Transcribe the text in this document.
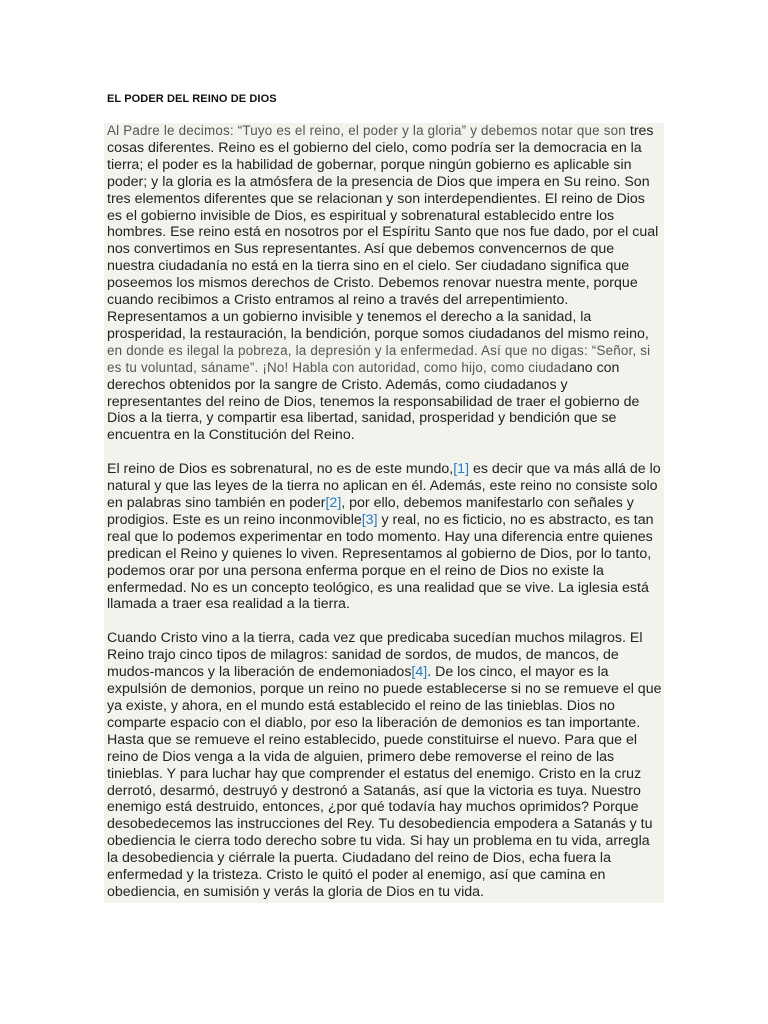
EL PODER DEL REINO DE DIOS

Al Padre le decimos: “Tuyo es el reino, el poder y la gloria” y debemos notar que son tres cosas diferentes. Reino es el gobierno del cielo, como podría ser la democracia en la tierra; el poder es la habilidad de gobernar, porque ningún gobierno es aplicable sin poder; y la gloria es la atmósfera de la presencia de Dios que impera en Su reino. Son tres elementos diferentes que se relacionan y son interdependientes. El reino de Dios es el gobierno invisible de Dios, es espiritual y sobrenatural establecido entre los hombres. Ese reino está en nosotros por el Espíritu Santo que nos fue dado, por el cual nos convertimos en Sus representantes. Así que debemos convencernos de que nuestra ciudadanía no está en la tierra sino en el cielo. Ser ciudadano significa que poseemos los mismos derechos de Cristo. Debemos renovar nuestra mente, porque cuando recibimos a Cristo entramos al reino a través del arrepentimiento. Representamos a un gobierno invisible y tenemos el derecho a la sanidad, la prosperidad, la restauración, la bendición, porque somos ciudadanos del mismo reino, en donde es ilegal la pobreza, la depresión y la enfermedad. Así que no digas: “Señor, si es tu voluntad, sáname”. ¡No! Habla con autoridad, como hijo, como ciudadano con derechos obtenidos por la sangre de Cristo. Además, como ciudadanos y representantes del reino de Dios, tenemos la responsabilidad de traer el gobierno de Dios a la tierra, y compartir esa libertad, sanidad, prosperidad y bendición que se encuentra en la Constitución del Reino.

El reino de Dios es sobrenatural, no es de este mundo,[1] es decir que va más allá de lo natural y que las leyes de la tierra no aplican en él. Además, este reino no consiste solo en palabras sino también en poder[2], por ello, debemos manifestarlo con señales y prodigios. Este es un reino inconmovible[3] y real, no es ficticio, no es abstracto, es tan real que lo podemos experimentar en todo momento. Hay una diferencia entre quienes predican el Reino y quienes lo viven. Representamos al gobierno de Dios, por lo tanto, podemos orar por una persona enferma porque en el reino de Dios no existe la enfermedad. No es un concepto teológico, es una realidad que se vive. La iglesia está llamada a traer esa realidad a la tierra.

Cuando Cristo vino a la tierra, cada vez que predicaba sucedían muchos milagros. El Reino trajo cinco tipos de milagros: sanidad de sordos, de mudos, de mancos, de mudos-mancos y la liberación de endemoniados[4]. De los cinco, el mayor es la expulsión de demonios, porque un reino no puede establecerse si no se remueve el que ya existe, y ahora, en el mundo está establecido el reino de las tinieblas. Dios no comparte espacio con el diablo, por eso la liberación de demonios es tan importante. Hasta que se remueve el reino establecido, puede constituirse el nuevo. Para que el reino de Dios venga a la vida de alguien, primero debe removerse el reino de las tinieblas. Y para luchar hay que comprender el estatus del enemigo. Cristo en la cruz derrotó, desarmó, destruyó y destronó a Satanás, así que la victoria es tuya. Nuestro enemigo está destruido, entonces, ¿por qué todavía hay muchos oprimidos? Porque desobedecemos las instrucciones del Rey. Tu desobediencia empodera a Satanás y tu obediencia le cierra todo derecho sobre tu vida. Si hay un problema en tu vida, arregla la desobediencia y ciérrale la puerta. Ciudadano del reino de Dios, echa fuera la enfermedad y la tristeza. Cristo le quitó el poder al enemigo, así que camina en obediencia, en sumisión y verás la gloria de Dios en tu vida.
